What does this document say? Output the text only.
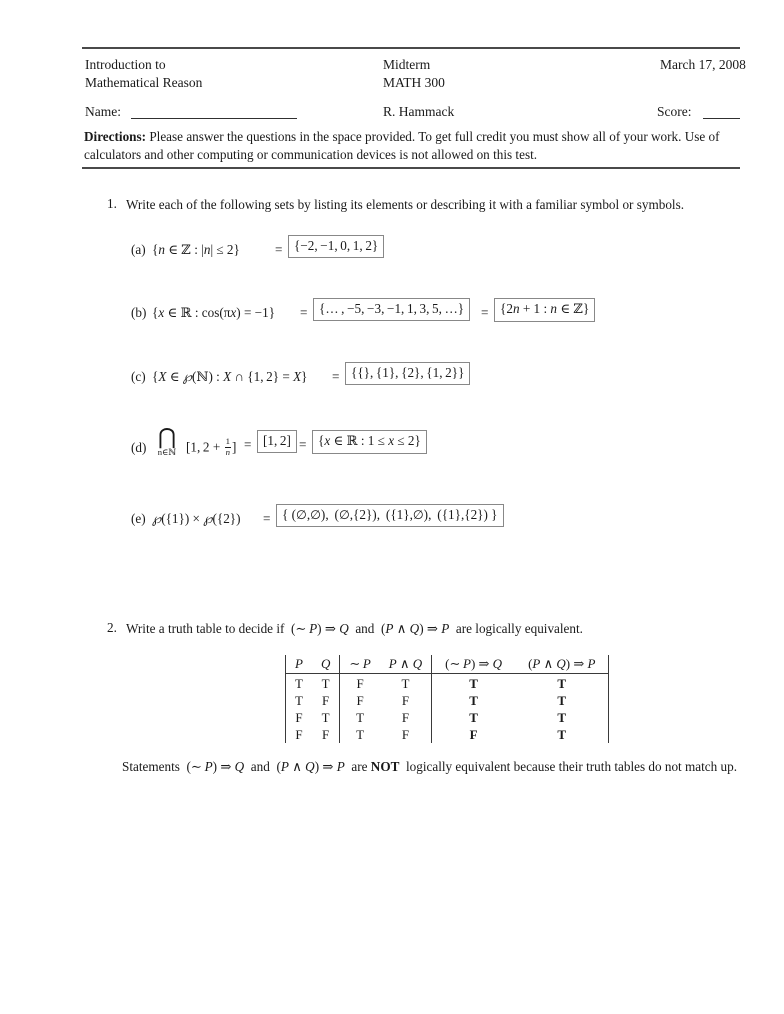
Introduction to
Mathematical Reason
Midterm
MATH 300
March 17, 2008
Name:	R. Hammack	Score:
Directions: Please answer the questions in the space provided. To get full credit you must show all of your work. Use of calculators and other computing or communication devices is not allowed on this test.
1. Write each of the following sets by listing its elements or describing it with a familiar symbol or symbols.
(a) {n ∈ ℤ : |n| ≤ 2}	= {−2, −1, 0, 1, 2}
(b) {x ∈ ℝ : cos(πx) = −1} = {… , −5, −3, −1, 1, 3, 5, …}	= {2n + 1 : n ∈ ℤ}
(c) {X ∈ ℘(ℕ) : X ∩ {1, 2} = X} = {{}, {1}, {2}, {1, 2}}
(d) ⋂
n∈ℕ [1, $2 + \frac{1}{n}$ ] = [1, 2] = {x ∈ ℝ : 1 ≤ x ≤ 2}
(e) ℘({1}) × ℘({2}) = { (∅,∅),  (∅,{2}),  ({1},∅),  ({1},{2}) }
2. Write a truth table to decide if  (∼ P) ⇒ Q  and  (P ∧ Q) ⇒ P  are logically equivalent.
P	Q	∼ P	P ∧ Q	(∼ P) ⇒ Q	(P ∧ Q) ⇒ P
T	T	F	T	T	T
T	F	F	F	T	T
F	T	T	F	T	T
F	F	T	F	F	T
Statements  (∼ P) ⇒ Q  and  (P ∧ Q) ⇒ P  are NOT logically equivalent because their truth tables do not match up.
